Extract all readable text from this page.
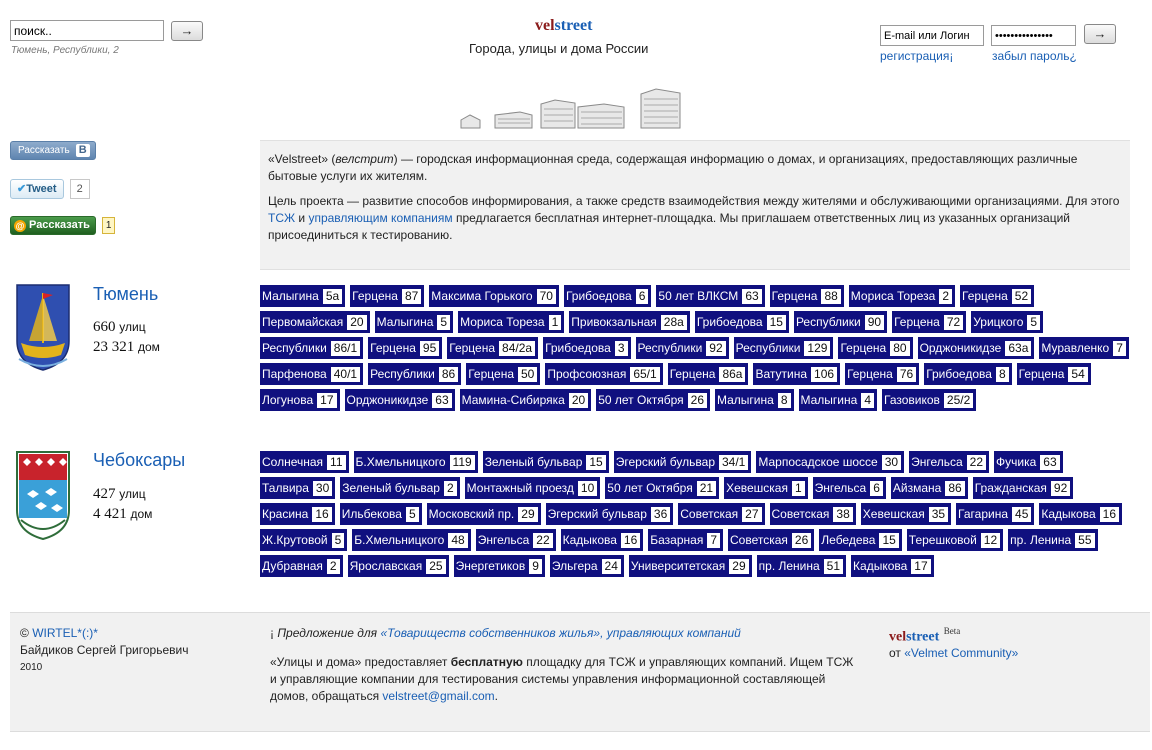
поиск..
→
Тюмень, Республики, 2
velstreet
Города, улицы и дома России
E-mail или Логин
•••••••••••••••
→
регистрация¡	забыл пароль¿
Рассказать B
✔Tweet	2
@ Рассказать	1

«Velstreet» (велстрит) — городская информационная среда, содержащая информацию о домах, и организациях, предоставляющих различные бытовые услуги их жителям.

Цель проекта — развитие способов информирования, а также средств взаимодействия между жителями и обслуживающими организациями. Для этого ТСЖ и управляющим компаниям предлагается бесплатная интернет-площадка. Мы приглашаем ответственных лиц из указанных организаций присоединиться к тестированию.

Тюмень
660 улиц
23 321 дом
Малыгина 5а Герцена 87 Максима Горького 70 Грибоедова 6 50 лет ВЛКСМ 63 Герцена 88 Мориса Тореза 2 Герцена 52
Первомайская 20 Малыгина 5 Мориса Тореза 1 Привокзальная 28а Грибоедова 15 Республики 90 Герцена 72 Урицкого 5
Республики 86/1 Герцена 95 Герцена 84/2а Грибоедова 3 Республики 92 Республики 129 Герцена 80 Орджоникидзе 63а Муравленко 7
Парфенова 40/1 Республики 86 Герцена 50 Профсоюзная 65/1 Герцена 86а Ватутина 106 Герцена 76 Грибоедова 8 Герцена 54
Логунова 17 Орджоникидзе 63 Мамина-Сибиряка 20 50 лет Октября 26 Малыгина 8 Малыгина 4 Газовиков 25/2
Чебоксары
427 улиц
4 421 дом
Солнечная 11 Б.Хмельницкого 119 Зеленый бульвар 15 Эгерский бульвар 34/1 Марпосадское шоссе 30 Энгельса 22 Фучика 63
Талвира 30 Зеленый бульвар 2 Монтажный проезд 10 50 лет Октября 21 Хевешская 1 Энгельса 6 Айзмана 86 Гражданская 92
Красина 16 Ильбекова 5 Московский пр. 29 Эгерский бульвар 36 Советская 27 Советская 38 Хевешская 35 Гагарина 45 Кадыкова 16
Ж.Крутовой 5 Б.Хмельницкого 48 Энгельса 22 Кадыкова 16 Базарная 7 Советская 26 Лебедева 15 Терешковой 12 пр. Ленина 55
Дубравная 2 Ярославская 25 Энергетиков 9 Эльгера 24 Университетская 29 пр. Ленина 51 Кадыкова 17
© WIRTEL*(:)*
Байдиков Сергей Григорьевич
2010
¡ Предложение для «Товариществ собственников жилья», управляющих компаний
«Улицы и дома» предоставляет бесплатную площадку для ТСЖ и управляющих компаний. Ищем ТСЖ и управляющие компании для тестирования системы управления информационной составляющей домов, обращаться velstreet@gmail.com.
velstreet $^{Beta}$
от «Velmet Community»
